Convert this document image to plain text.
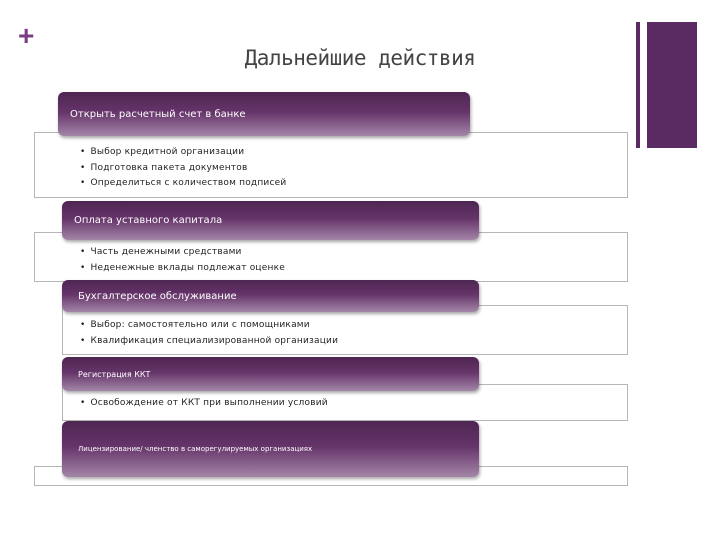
+
Дальнейшие действия
Открыть расчетный счет в банке
• Выбор кредитной организации
• Подготовка пакета документов
• Определиться с количеством подписей
Оплата уставного капитала
• Часть денежными средствами
• Неденежные вклады подлежат оценке
Бухгалтерское обслуживание
• Выбор: самостоятельно или с помощниками
• Квалификация специализированной организации
Регистрация ККТ
• Освобождение от ККТ при выполнении условий
Лицензирование/ членство в саморегулируемых организациях
